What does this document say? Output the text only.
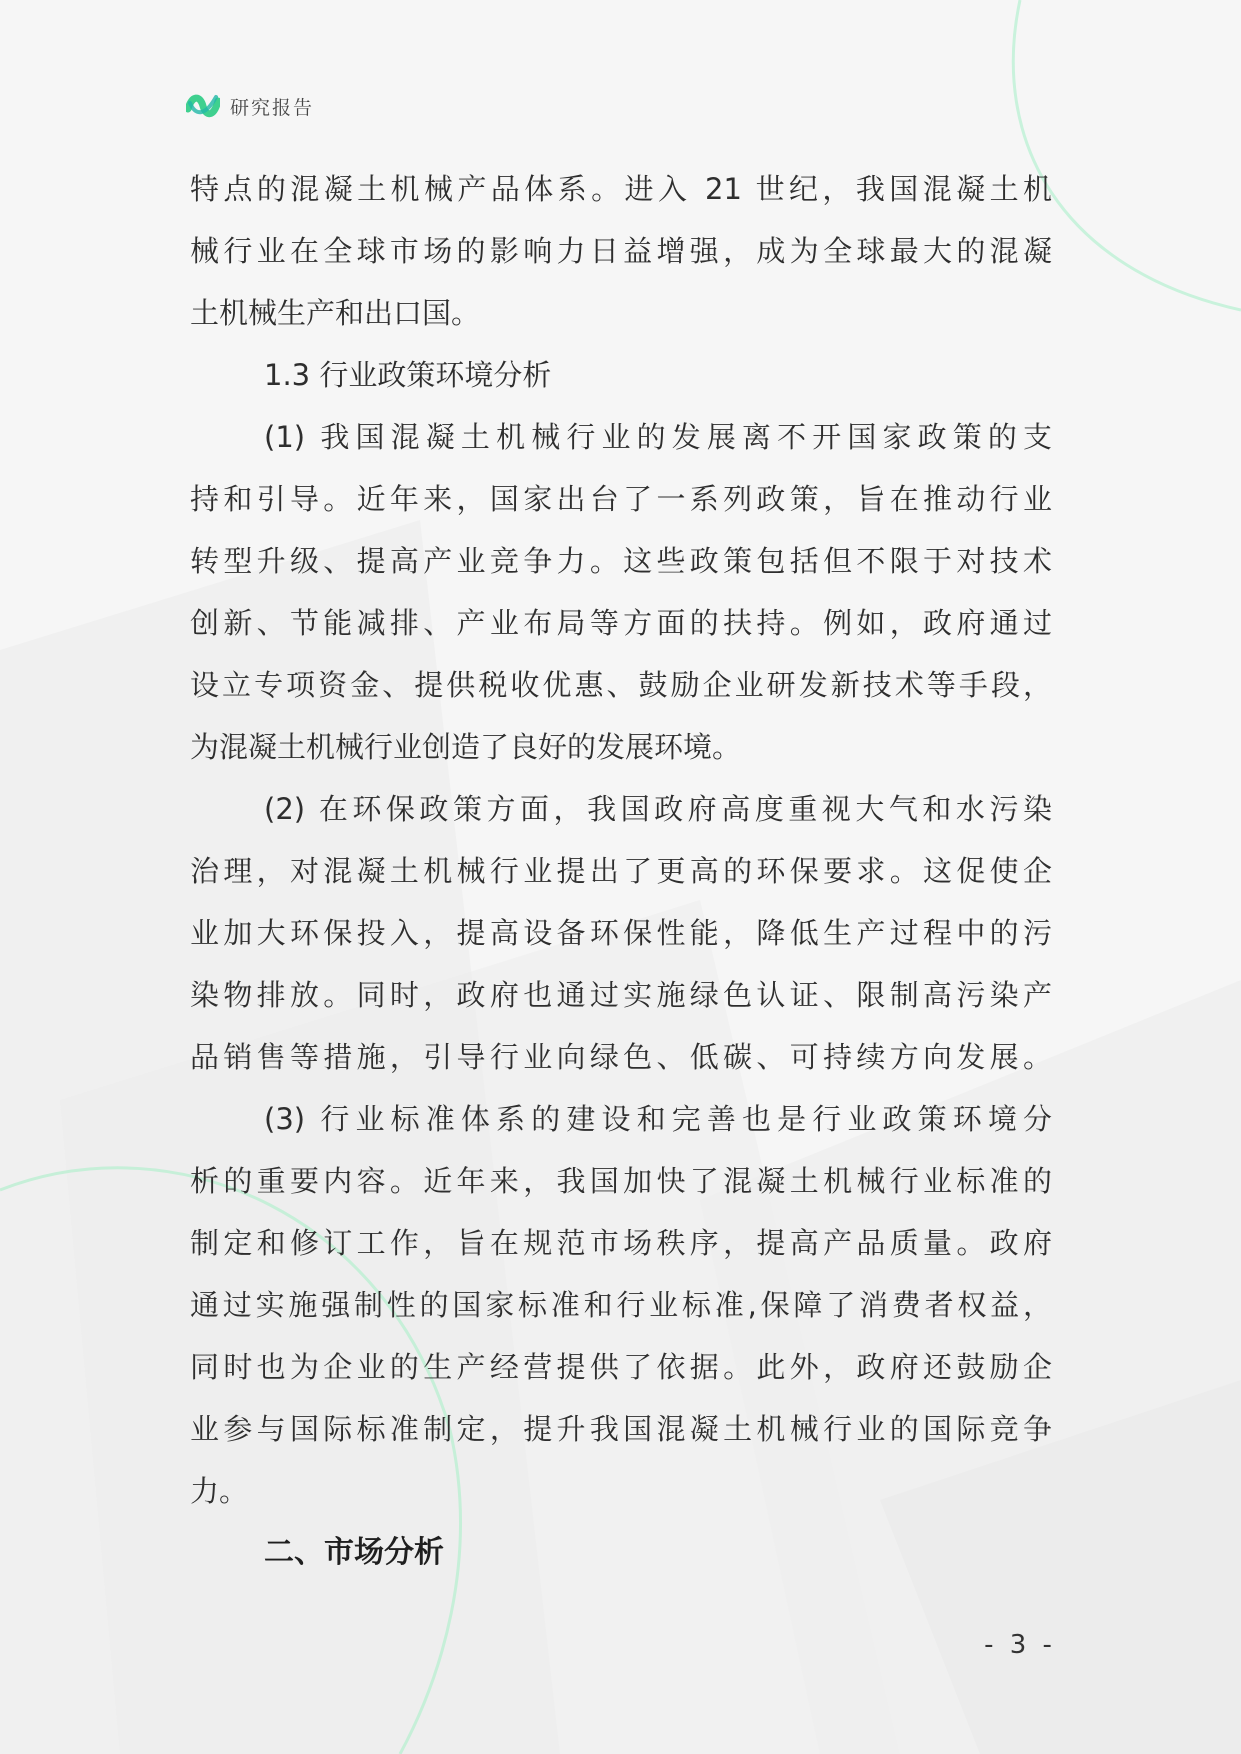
研究报告
特点的混凝土机械产品体系。进入 21 世纪，我国混凝土机
械行业在全球市场的影响力日益增强，成为全球最大的混凝
土机械生产和出口国。
1.3 行业政策环境分析
(1) 我国混凝土机械行业的发展离不开国家政策的支
持和引导。近年来，国家出台了一系列政策，旨在推动行业
转型升级、提高产业竞争力。这些政策包括但不限于对技术
创新、节能减排、产业布局等方面的扶持。例如，政府通过
设立专项资金、提供税收优惠、鼓励企业研发新技术等手段，
为混凝土机械行业创造了良好的发展环境。
(2) 在环保政策方面，我国政府高度重视大气和水污染
治理，对混凝土机械行业提出了更高的环保要求。这促使企
业加大环保投入，提高设备环保性能，降低生产过程中的污
染物排放。同时，政府也通过实施绿色认证、限制高污染产
品销售等措施，引导行业向绿色、低碳、可持续方向发展。
(3) 行业标准体系的建设和完善也是行业政策环境分
析的重要内容。近年来，我国加快了混凝土机械行业标准的
制定和修订工作，旨在规范市场秩序，提高产品质量。政府
通过实施强制性的国家标准和行业标准,保障了消费者权益，
同时也为企业的生产经营提供了依据。此外，政府还鼓励企
业参与国际标准制定，提升我国混凝土机械行业的国际竞争
力。
二、市场分析
- 3 -
